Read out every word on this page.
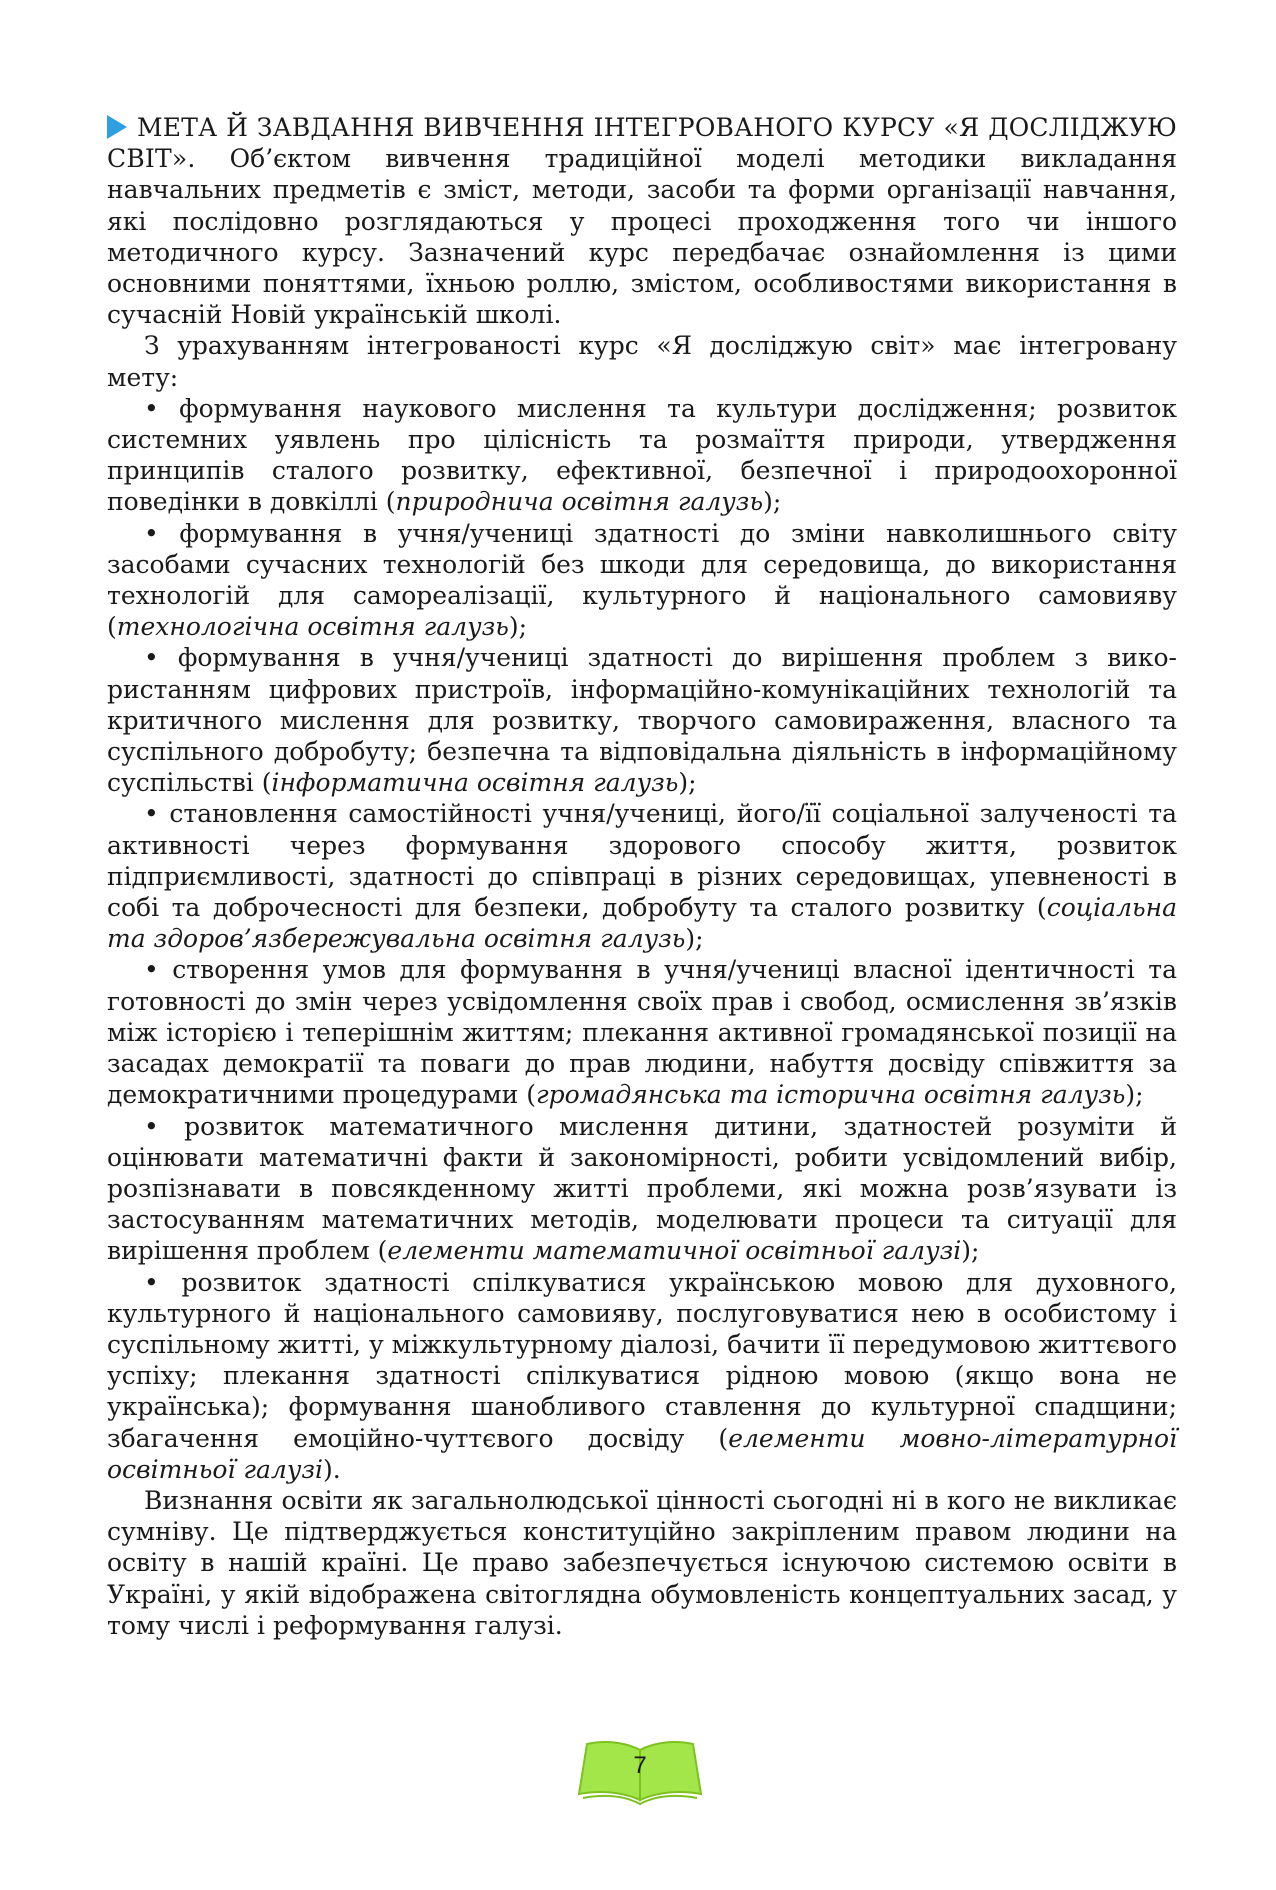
МЕТА Й ЗАВДАННЯ ВИВЧЕННЯ ІНТЕГРОВАНОГО КУРСУ «Я ДОСЛІДЖУЮ СВІТ». Об’єктом вивчення традиційної моделі методики викладання навчальних предметів є зміст, методи, засоби та форми організації навчання, які послідовно розглядаються у процесі проходження того чи іншого методичного курсу. Зазначений курс передбачає ознайомлення із цими основними поняттями, їхньою роллю, змістом, особливостями використання в сучасній Новій українській школі.

З урахуванням інтегрованості курс «Я досліджую світ» має інтегровану мету:

• формування наукового мислення та культури дослідження; розвиток системних уявлень про цілісність та розмаїття природи, утвердження принципів сталого розвитку, ефективної, безпечної і природоохоронної поведінки в довкіллі (природнича освітня галузь);

• формування в учня/учениці здатності до зміни навколишнього світу засобами сучасних технологій без шкоди для середовища, до використання технологій для самореалізації, культурного й національного самовияву (технологічна освітня галузь);

• формування в учня/учениці здатності до вирішення проблем з використанням цифрових пристроїв, інформаційно-комунікаційних технологій та критичного мислення для розвитку, творчого самовираження, власного та суспільного добробуту; безпечна та відповідальна діяльність в інформаційному суспільстві (інформатична освітня галузь);

• становлення самостійності учня/учениці, його/її соціальної залученості та активності через формування здорового способу життя, розвиток підприємливості, здатності до співпраці в різних середовищах, упевненості в собі та доброчесності для безпеки, добробуту та сталого розвитку (соціальна та здоров’язбережувальна освітня галузь);

• створення умов для формування в учня/учениці власної ідентичності та готовності до змін через усвідомлення своїх прав і свобод, осмислення зв’язків між історією і теперішнім життям; плекання активної громадянської позиції на засадах демократії та поваги до прав людини, набуття досвіду співжиття за демократичними процедурами (громадянська та історична освітня галузь);

• розвиток математичного мислення дитини, здатностей розуміти й оцінювати математичні факти й закономірності, робити усвідомлений вибір, розпізнавати в повсякденному житті проблеми, які можна розв’язувати із застосуванням математичних методів, моделювати процеси та ситуації для вирішення проблем (елементи математичної освітньої галузі);

• розвиток здатності спілкуватися українською мовою для духовного, культурного й національного самовияву, послуговуватися нею в особистому і суспільному житті, у міжкультурному діалозі, бачити її передумовою життєвого успіху; плекання здатності спілкуватися рідною мовою (якщо вона не українська); формування шанобливого ставлення до культурної спадщини; збагачення емоційно-чуттєвого досвіду (елементи мовно-літературної освітньої галузі).

Визнання освіти як загальнолюдської цінності сьогодні ні в кого не викликає сумніву. Це підтверджується конституційно закріпленим правом людини на освіту в нашій країні. Це право забезпечується існуючою системою освіти в Україні, у якій відображена світоглядна обумовленість концептуальних засад, у тому числі і реформування галузі.

7
